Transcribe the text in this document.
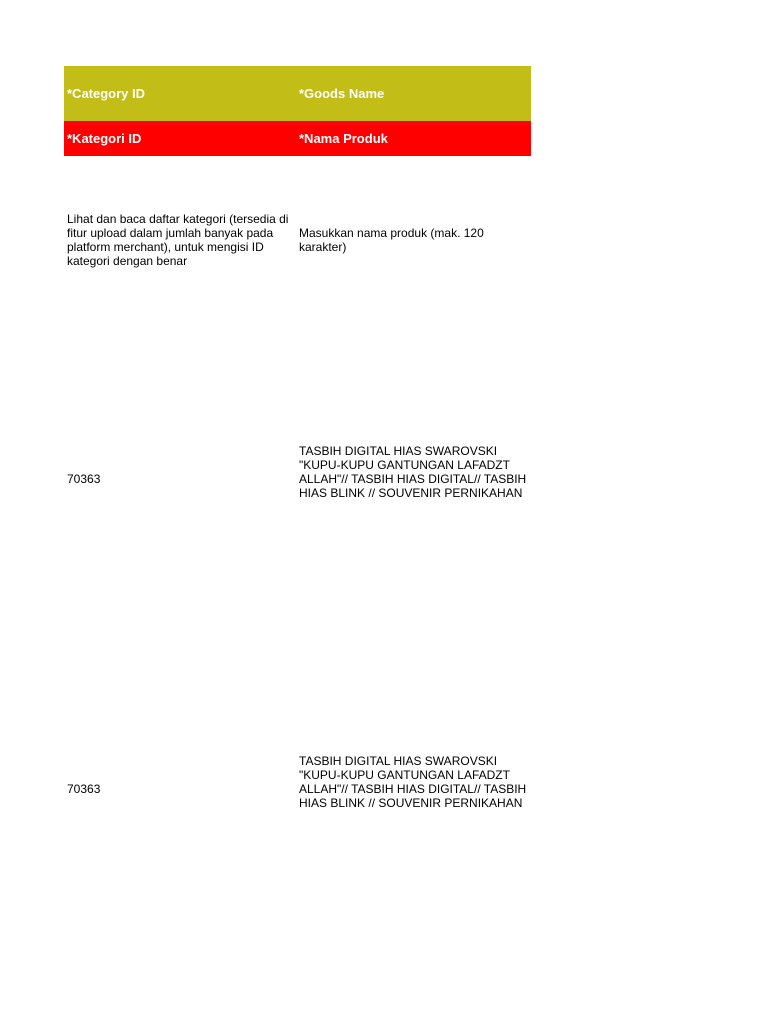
*Category ID	*Goods Name
*Kategori ID	*Nama Produk
Lihat dan baca daftar kategori (tersedia di fitur upload dalam jumlah banyak pada platform merchant), untuk mengisi ID kategori dengan benar
Masukkan nama produk (mak. 120 karakter)
70363
TASBIH DIGITAL HIAS SWAROVSKI "KUPU-KUPU GANTUNGAN LAFADZT ALLAH"// TASBIH HIAS DIGITAL// TASBIH HIAS BLINK // SOUVENIR PERNIKAHAN
70363
TASBIH DIGITAL HIAS SWAROVSKI "KUPU-KUPU GANTUNGAN LAFADZT ALLAH"// TASBIH HIAS DIGITAL// TASBIH HIAS BLINK // SOUVENIR PERNIKAHAN
